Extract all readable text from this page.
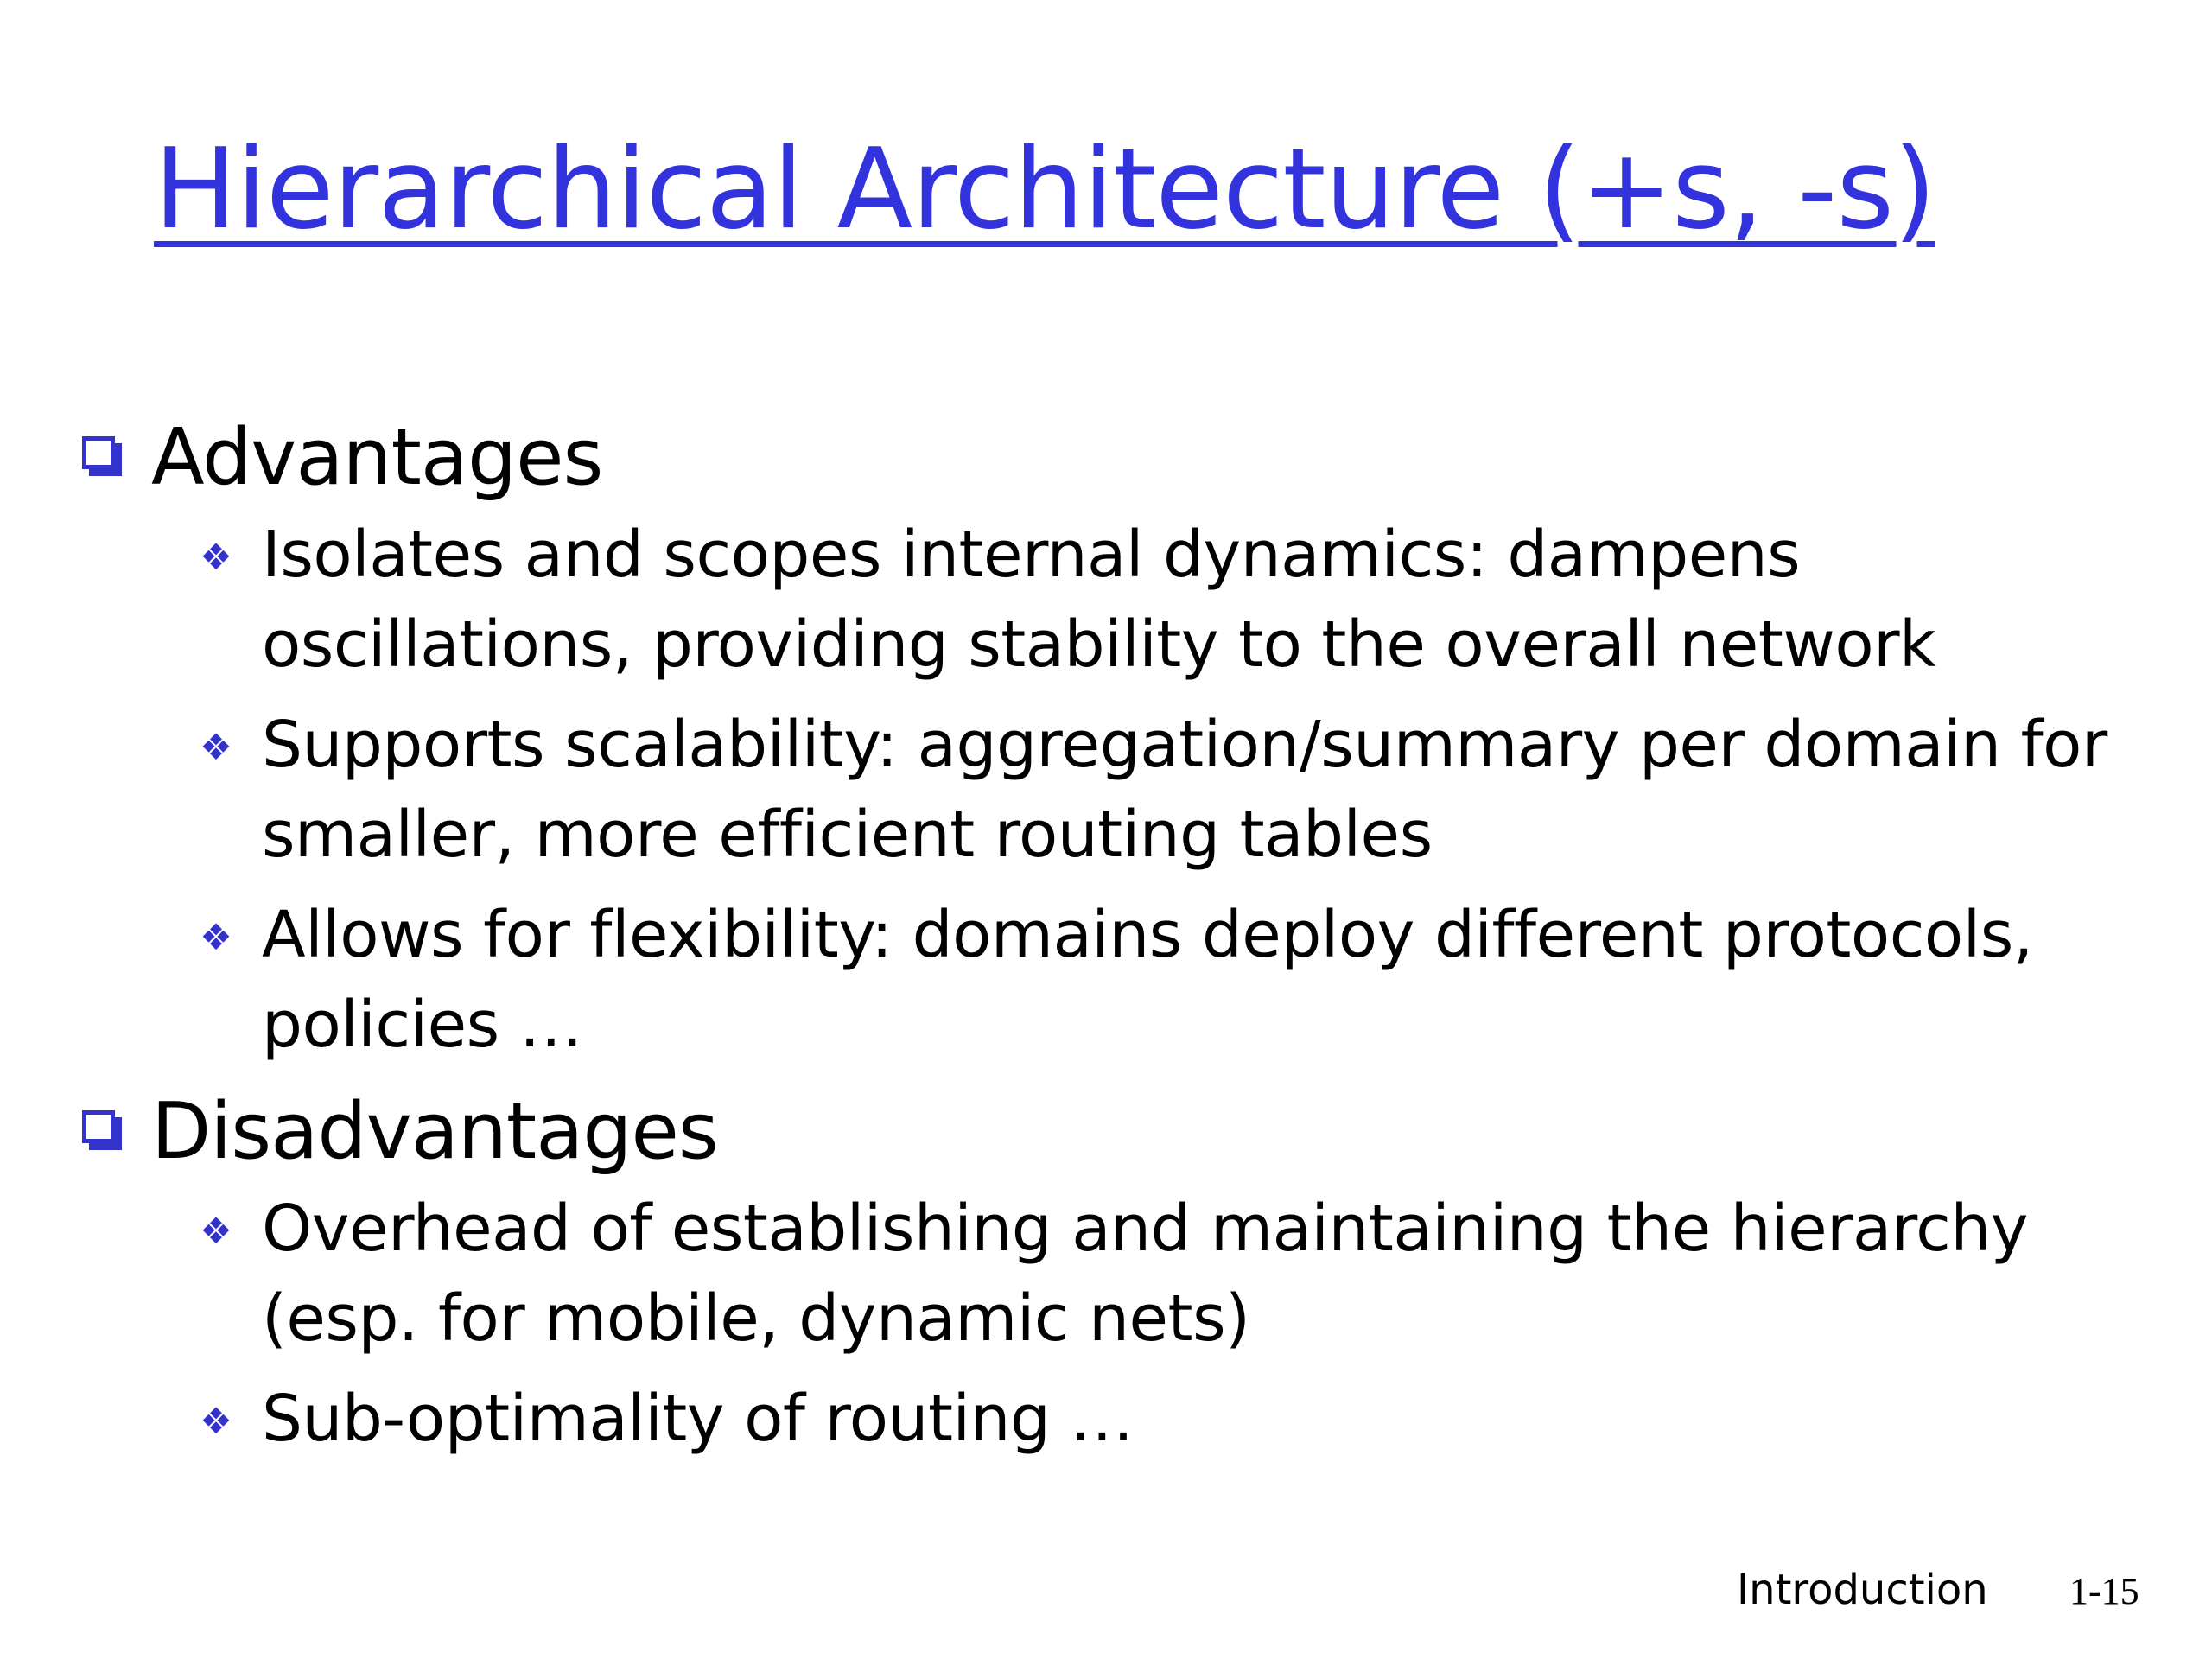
Hierarchical Architecture (+s, -s)
Advantages
❖ Isolates and scopes internal dynamics: dampens oscillations, providing stability to the overall network
❖ Supports scalability: aggregation/summary per domain for smaller, more efficient routing tables
❖ Allows for flexibility: domains deploy different protocols, policies …
Disadvantages
❖ Overhead of establishing and maintaining the hierarchy (esp. for mobile, dynamic nets)
❖ Sub-optimality of routing …
Introduction 1-15
